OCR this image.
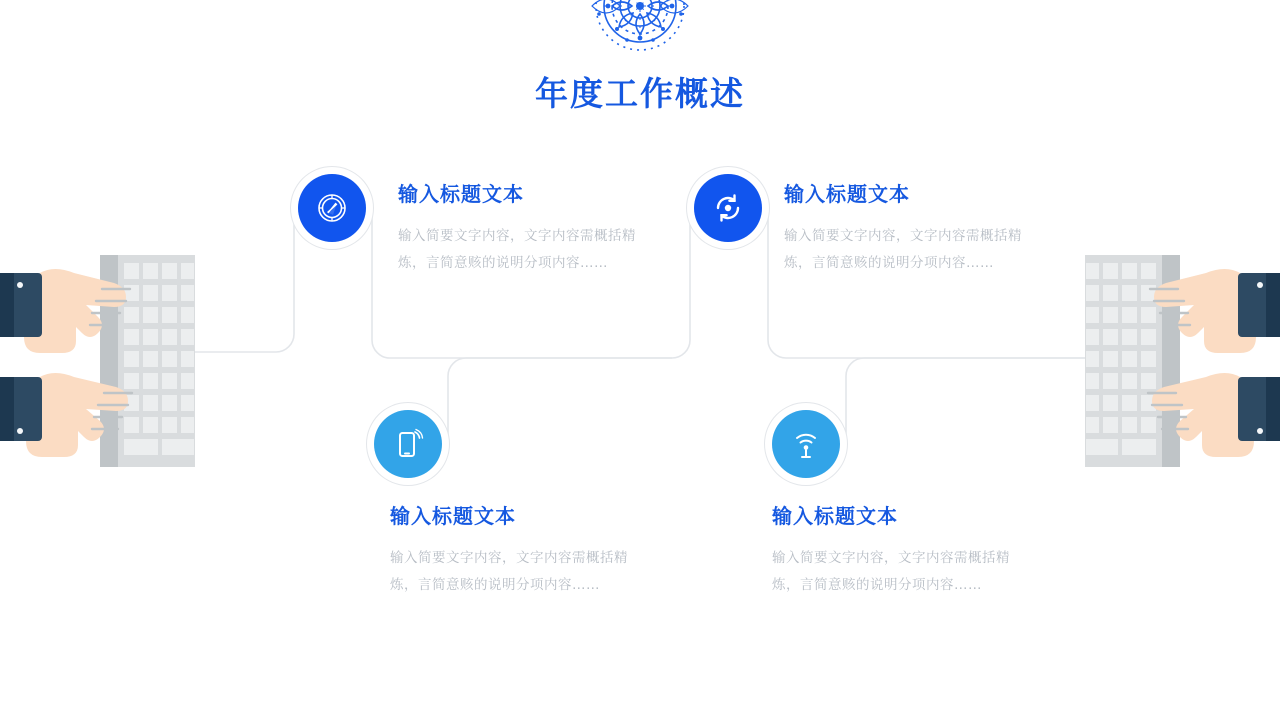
年度工作概述

输入标题文本

输入简要文字内容，文字内容需概括精炼，言简意赅的说明分项内容……

输入标题文本

输入简要文字内容，文字内容需概括精炼，言简意赅的说明分项内容……

输入标题文本

输入简要文字内容，文字内容需概括精炼，言简意赅的说明分项内容……

输入标题文本

输入简要文字内容，文字内容需概括精炼，言简意赅的说明分项内容……
